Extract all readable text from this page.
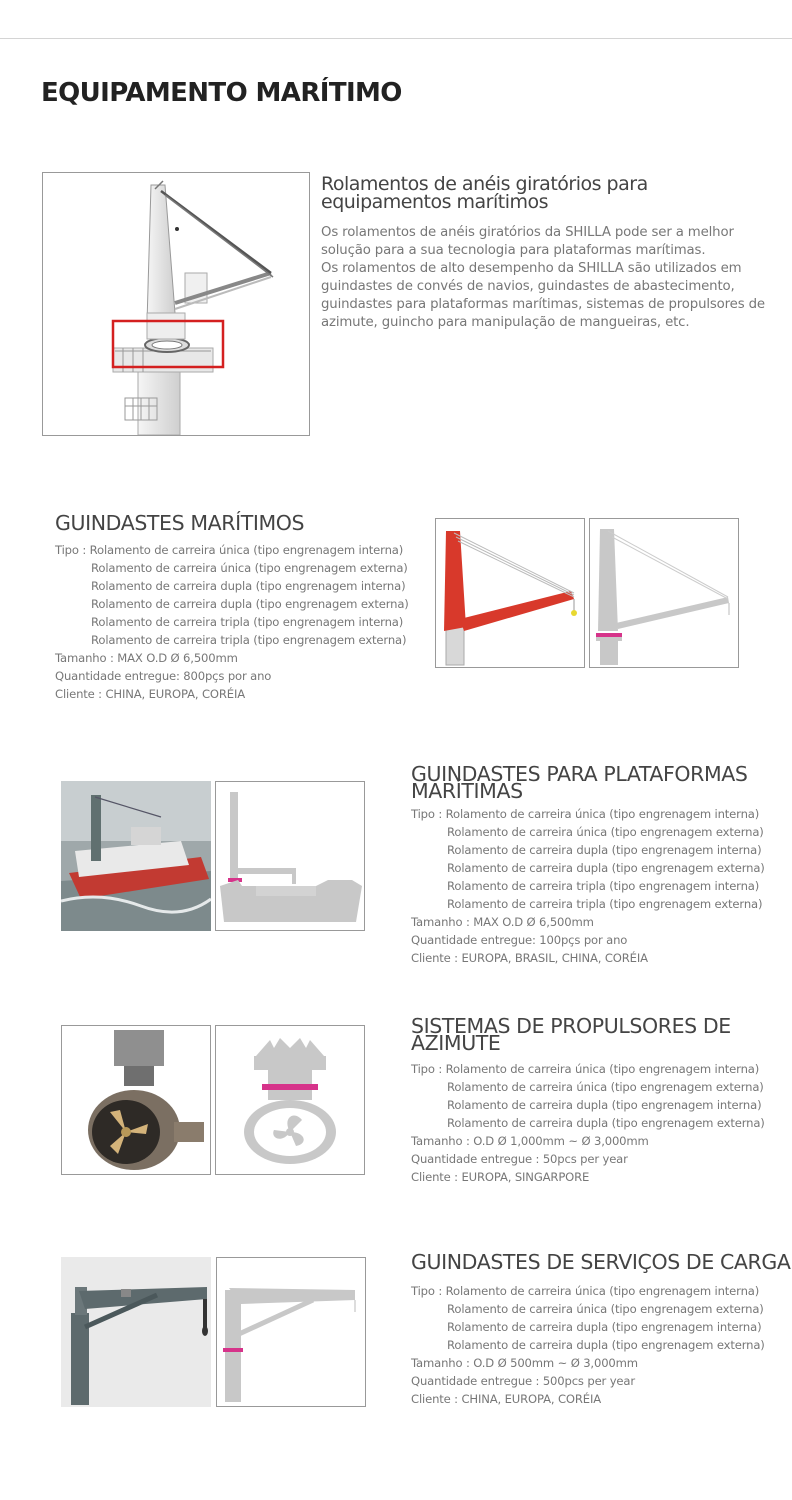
EQUIPAMENTO MARÍTIMO
Rolamentos de anéis giratórios para
equipamentos marítimos

Os rolamentos de anéis giratórios da SHILLA pode ser a melhor
solução para a sua tecnologia para plataformas marítimas.
Os rolamentos de alto desempenho da SHILLA são utilizados em
guindastes de convés de navios, guindastes de abastecimento,
guindastes para plataformas marítimas, sistemas de propulsores de
azimute, guincho para manipulação de mangueiras, etc.

GUINDASTES MARÍTIMOS
Tipo : Rolamento de carreira única (tipo engrenagem interna)
Rolamento de carreira única (tipo engrenagem externa)
Rolamento de carreira dupla (tipo engrenagem interna)
Rolamento de carreira dupla (tipo engrenagem externa)
Rolamento de carreira tripla (tipo engrenagem interna)
Rolamento de carreira tripla (tipo engrenagem externa)
Tamanho : MAX O.D Ø 6,500mm
Quantidade entregue: 800pçs por ano
Cliente : CHINA, EUROPA, CORÉIA
GUINDASTES PARA PLATAFORMAS
MARÍTIMAS
Tipo : Rolamento de carreira única (tipo engrenagem interna)
Rolamento de carreira única (tipo engrenagem externa)
Rolamento de carreira dupla (tipo engrenagem interna)
Rolamento de carreira dupla (tipo engrenagem externa)
Rolamento de carreira tripla (tipo engrenagem interna)
Rolamento de carreira tripla (tipo engrenagem externa)
Tamanho : MAX O.D Ø 6,500mm
Quantidade entregue: 100pçs por ano
Cliente : EUROPA, BRASIL, CHINA, CORÉIA
SISTEMAS DE PROPULSORES DE
AZIMUTE
Tipo : Rolamento de carreira única (tipo engrenagem interna)
Rolamento de carreira única (tipo engrenagem externa)
Rolamento de carreira dupla (tipo engrenagem interna)
Rolamento de carreira dupla (tipo engrenagem externa)
Tamanho : O.D Ø 1,000mm ~ Ø 3,000mm
Quantidade entregue : 50pcs per year
Cliente : EUROPA, SINGARPORE
GUINDASTES DE SERVIÇOS DE CARGA
Tipo : Rolamento de carreira única (tipo engrenagem interna)
Rolamento de carreira única (tipo engrenagem externa)
Rolamento de carreira dupla (tipo engrenagem interna)
Rolamento de carreira dupla (tipo engrenagem externa)
Tamanho : O.D Ø 500mm ~ Ø 3,000mm
Quantidade entregue : 500pcs per year
Cliente : CHINA, EUROPA, CORÉIA
